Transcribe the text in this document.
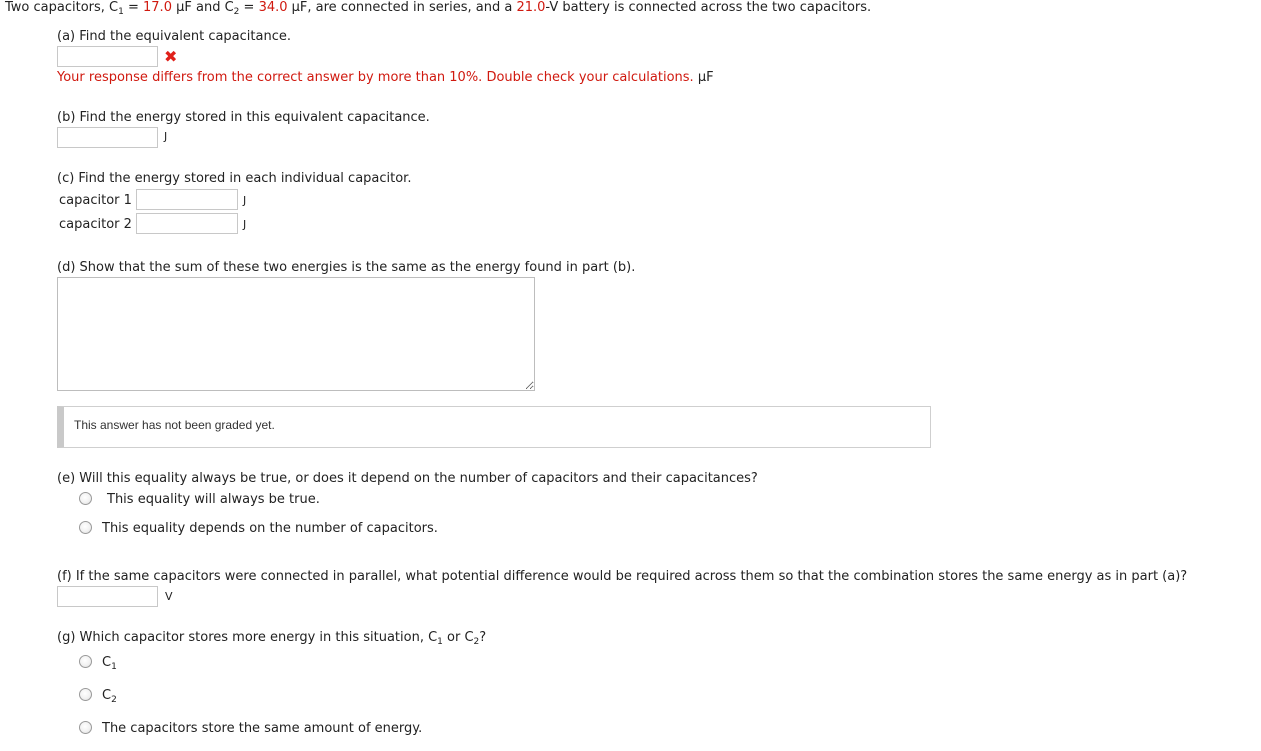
Two capacitors, $C_1 = 17.0$ µF and $C_2 = 34.0$ µF, are connected in series, and a 21.0-V battery is connected across the two capacitors.
(a) Find the equivalent capacitance.
✖
Your response differs from the correct answer by more than 10%. Double check your calculations. µF
(b) Find the energy stored in this equivalent capacitance.
J
(c) Find the energy stored in each individual capacitor.
capacitor 1	J
capacitor 2	J
(d) Show that the sum of these two energies is the same as the energy found in part (b).
This answer has not been graded yet.
(e) Will this equality always be true, or does it depend on the number of capacitors and their capacitances?
This equality will always be true.
This equality depends on the number of capacitors.
(f) If the same capacitors were connected in parallel, what potential difference would be required across them so that the combination stores the same energy as in part (a)?
V
(g) Which capacitor stores more energy in this situation, $C_1$ or $C_2$?
$C_1$
$C_2$
The capacitors store the same amount of energy.
